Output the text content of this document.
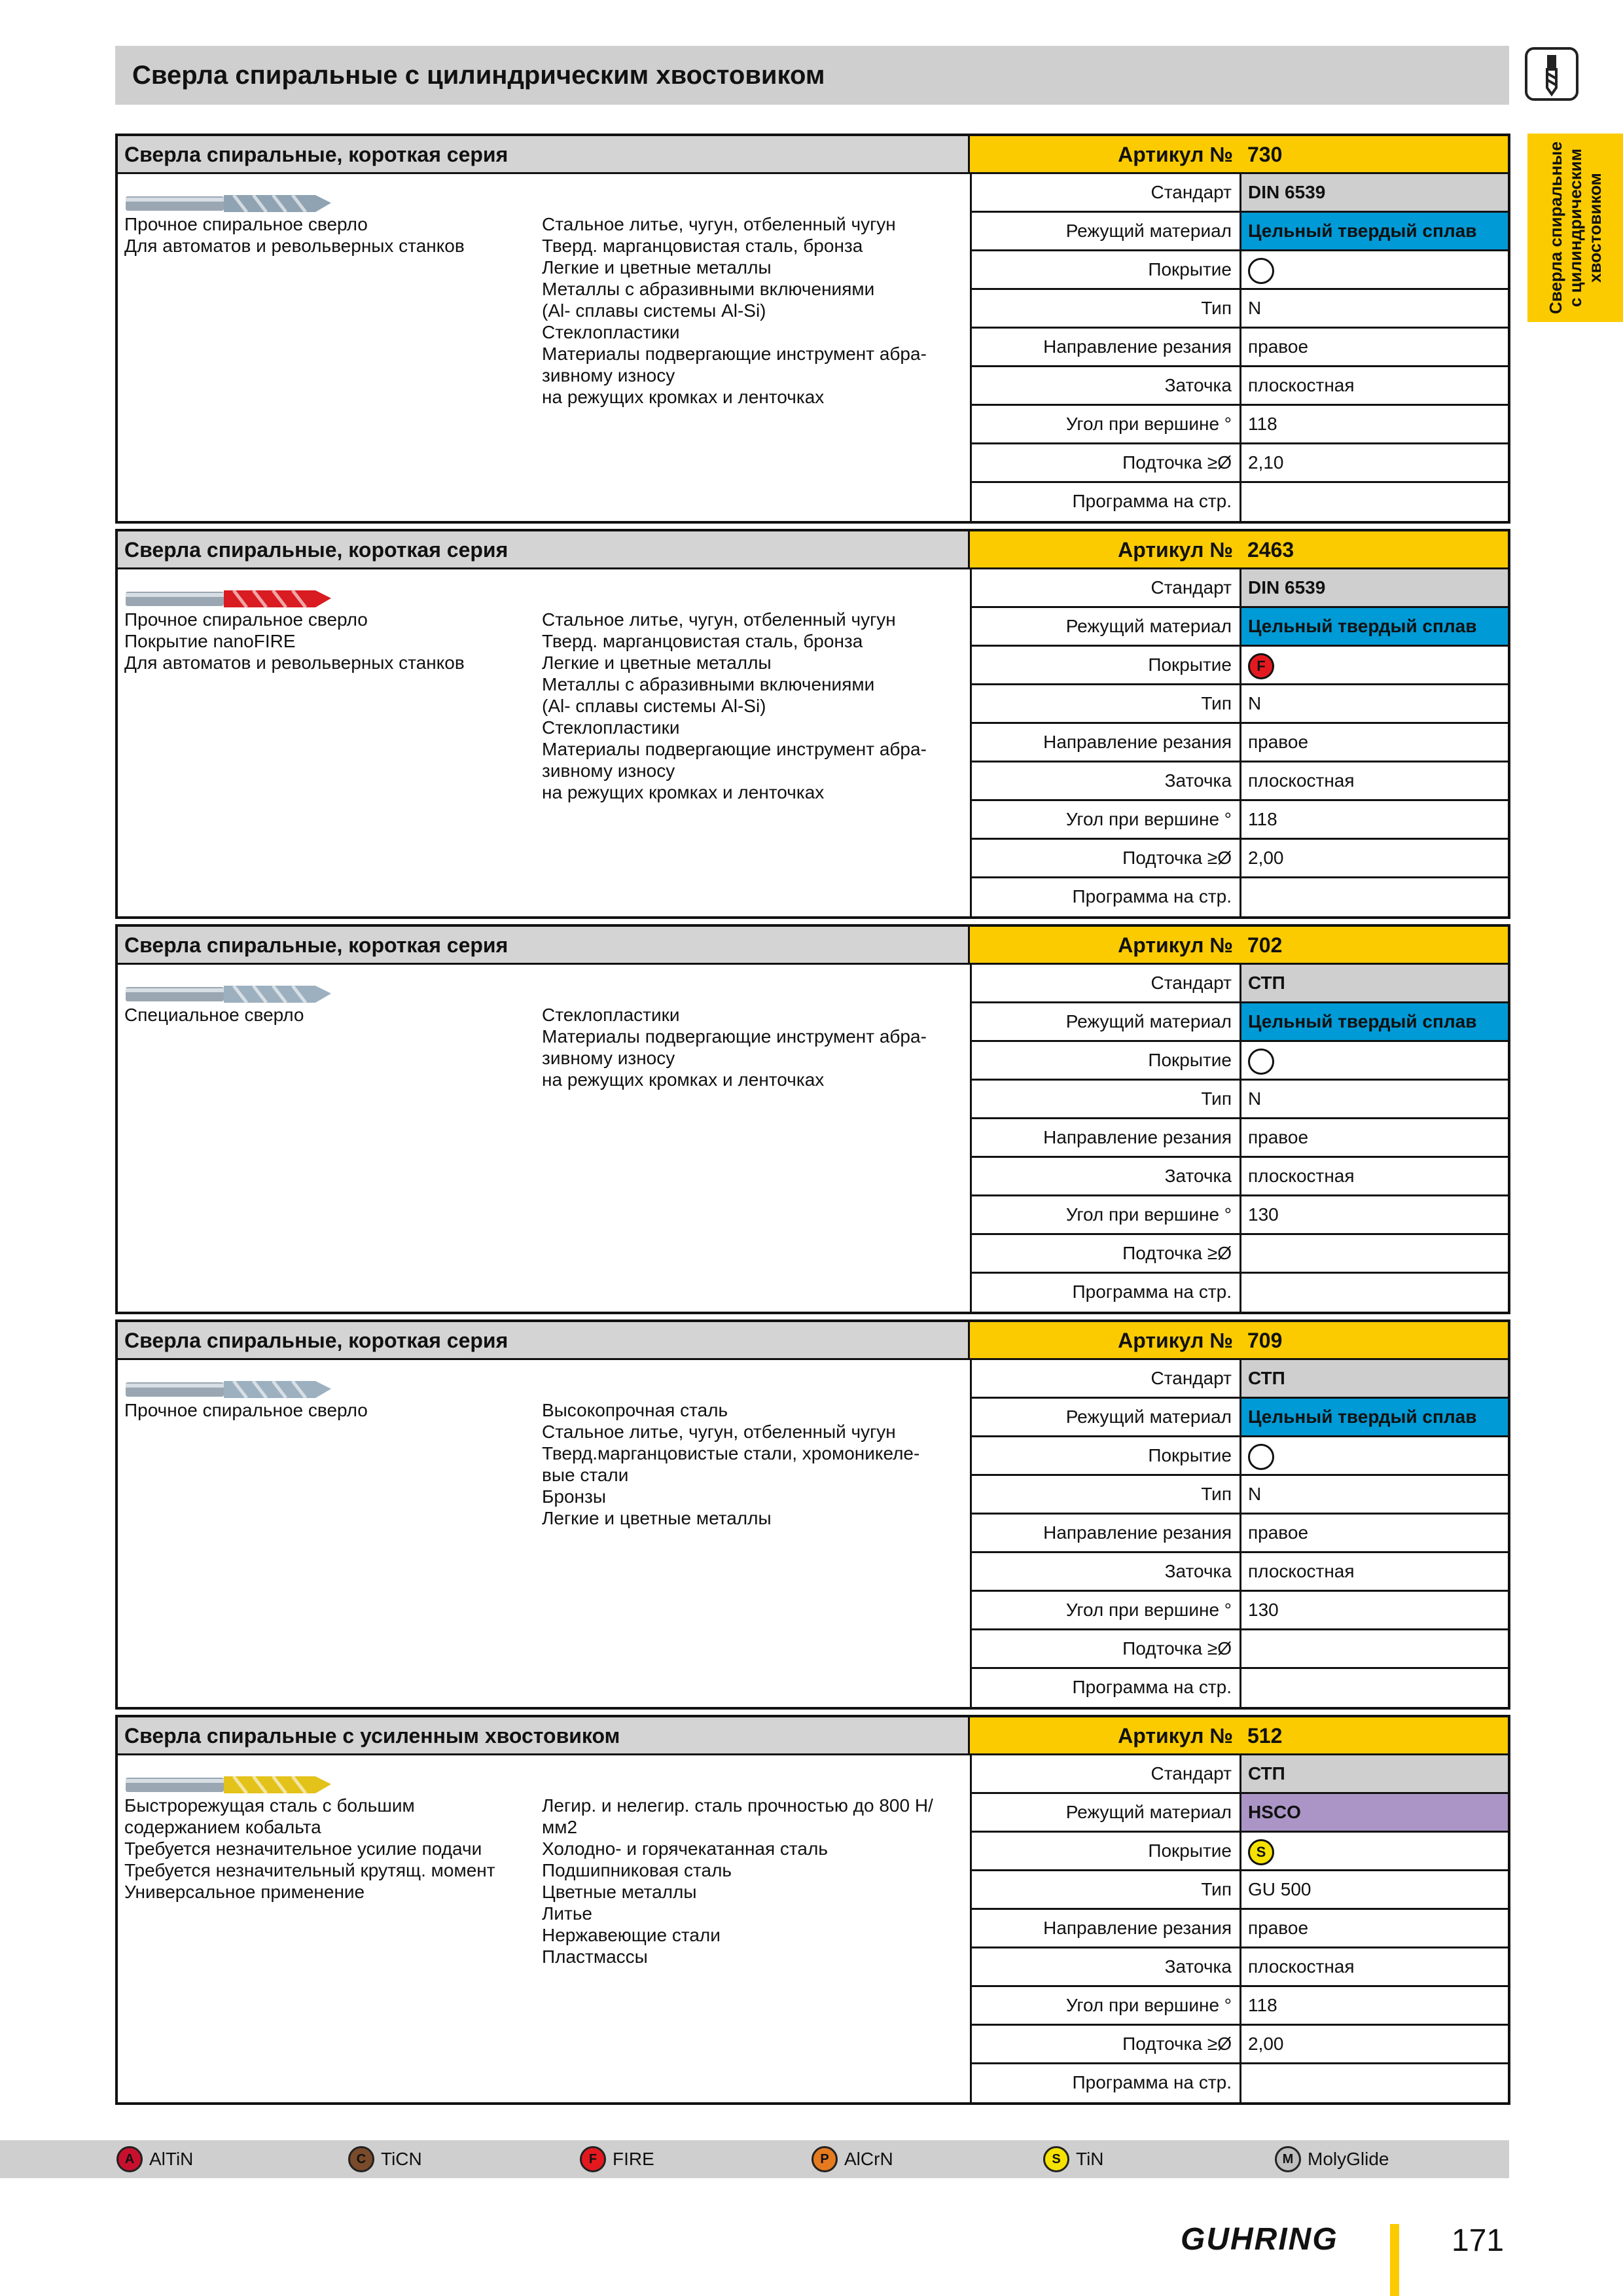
Сверла спиральные с цилиндрическим хвостовиком
Сверла спиральные с цилиндрическим хвостовиком
Сверла спиральные, короткая серия	Артикул № 730
Прочное спиральное сверло
Для автоматов и револьверных станков
Стальное литье, чугун, отбеленный чугун
Тверд. марганцовистая сталь, бронза
Легкие и цветные металлы
Металлы с абразивными включениями
(Al- сплавы системы Al-Si)
Стеклопластики
Материалы подвергающие инструмент абра-
зивному износу
на режущих кромках и ленточках
Стандарт DIN 6539
Режущий материал Цельный твердый сплав
Покрытие
Тип N
Направление резания правое
Заточка плоскостная
Угол при вершине ° 118
Подточка ≥Ø 2,10
Программа на стр.
Сверла спиральные, короткая серия	Артикул № 2463
Прочное спиральное сверло
Покрытие nanoFIRE
Для автоматов и револьверных станков
Стальное литье, чугун, отбеленный чугун
Тверд. марганцовистая сталь, бронза
Легкие и цветные металлы
Металлы с абразивными включениями
(Al- сплавы системы Al-Si)
Стеклопластики
Материалы подвергающие инструмент абра-
зивному износу
на режущих кромках и ленточках
Стандарт DIN 6539
Режущий материал Цельный твердый сплав
Покрытие	F
Тип N
Направление резания правое
Заточка плоскостная
Угол при вершине ° 118
Подточка ≥Ø 2,00
Программа на стр.
Сверла спиральные, короткая серия	Артикул № 702
Специальное сверло	Стеклопластики
Материалы подвергающие инструмент абра-
зивному износу
на режущих кромках и ленточках
Стандарт СТП
Режущий материал Цельный твердый сплав
Покрытие
Тип N
Направление резания правое
Заточка плоскостная
Угол при вершине ° 130
Подточка ≥Ø
Программа на стр.
Сверла спиральные, короткая серия	Артикул № 709
Прочное спиральное сверло	Высокопрочная сталь
Стальное литье, чугун, отбеленный чугун
Тверд.марганцовистые стали, хромоникеле-
вые стали
Бронзы
Легкие и цветные металлы
Стандарт СТП
Режущий материал Цельный твердый сплав
Покрытие
Тип N
Направление резания правое
Заточка плоскостная
Угол при вершине ° 130
Подточка ≥Ø
Программа на стр.
Сверла спиральные с усиленным хвостовиком	Артикул № 512
Быстрорежущая сталь с большим
содержанием кобальта
Требуется незначительное усилие подачи
Требуется незначительный крутящ. момент
Универсальное применение
Легир. и нелегир. сталь прочностью до 800 Н/
мм2
Холодно- и горячекатанная сталь
Подшипниковая сталь
Цветные металлы
Литье
Нержавеющие стали
Пластмассы
Стандарт СТП
Режущий материал HSCO
Покрытие	S
Тип GU 500
Направление резания правое
Заточка плоскостная
Угол при вершине ° 118
Подточка ≥Ø 2,00
Программа на стр.
A AlTiN	C TiCN	F FIRE	P AlCrN	S TiN	M MolyGlide
GUHRING	171
